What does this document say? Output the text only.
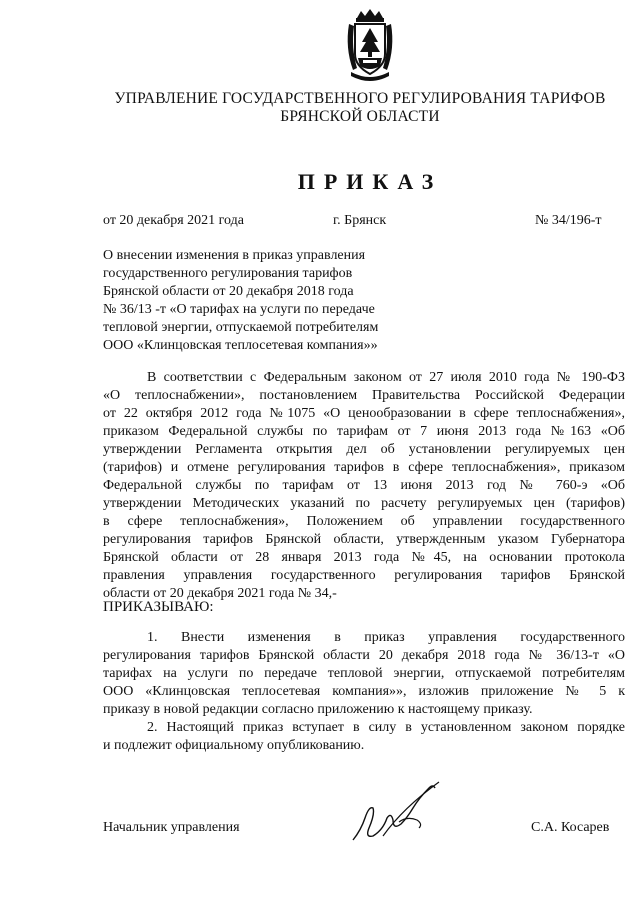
УПРАВЛЕНИЕ ГОСУДАРСТВЕННОГО РЕГУЛИРОВАНИЯ ТАРИФОВ
БРЯНСКОЙ ОБЛАСТИ
ПРИКАЗ
от 20 декабря 2021 года	г. Брянск	№ 34/196-т
О внесении изменения в приказ управления
государственного регулирования тарифов
Брянской области от 20 декабря 2018 года
№ 36/13 -т «О тарифах на услуги по передаче
тепловой энергии, отпускаемой потребителям
ООО «Клинцовская теплосетевая компания»»
В соответствии с Федеральным законом от 27 июля 2010 года № 190-ФЗ
«О теплоснабжении», постановлением Правительства Российской Федерации
от 22 октября 2012 года №1075 «О ценообразовании в сфере теплоснабжения»,
приказом Федеральной службы по тарифам от 7 июня 2013 года №163 «Об
утверждении Регламента открытия дел об установлении регулируемых цен
(тарифов) и отмене регулирования тарифов в сфере теплоснабжения», приказом
Федеральной службы по тарифам от 13 июня 2013 год № 760-э «Об
утверждении Методических указаний по расчету регулируемых цен (тарифов)
в сфере теплоснабжения», Положением об управлении государственного
регулирования тарифов Брянской области, утвержденным указом Губернатора
Брянской области от 28 января 2013 года №45, на основании протокола
правления управления государственного регулирования тарифов Брянской
области от 20 декабря 2021 года № 34,-
ПРИКАЗЫВАЮ:
1. Внести изменения в приказ управления государственного
регулирования тарифов Брянской области 20 декабря 2018 года № 36/13-т «О
тарифах на услуги по передаче тепловой энергии, отпускаемой потребителям
ООО «Клинцовская теплосетевая компания»», изложив приложение № 5 к
приказу в новой редакции согласно приложению к настоящему приказу.
2. Настоящий приказ вступает в силу в установленном законом порядке
и подлежит официальному опубликованию.
Начальник управления	С.А. Косарев
